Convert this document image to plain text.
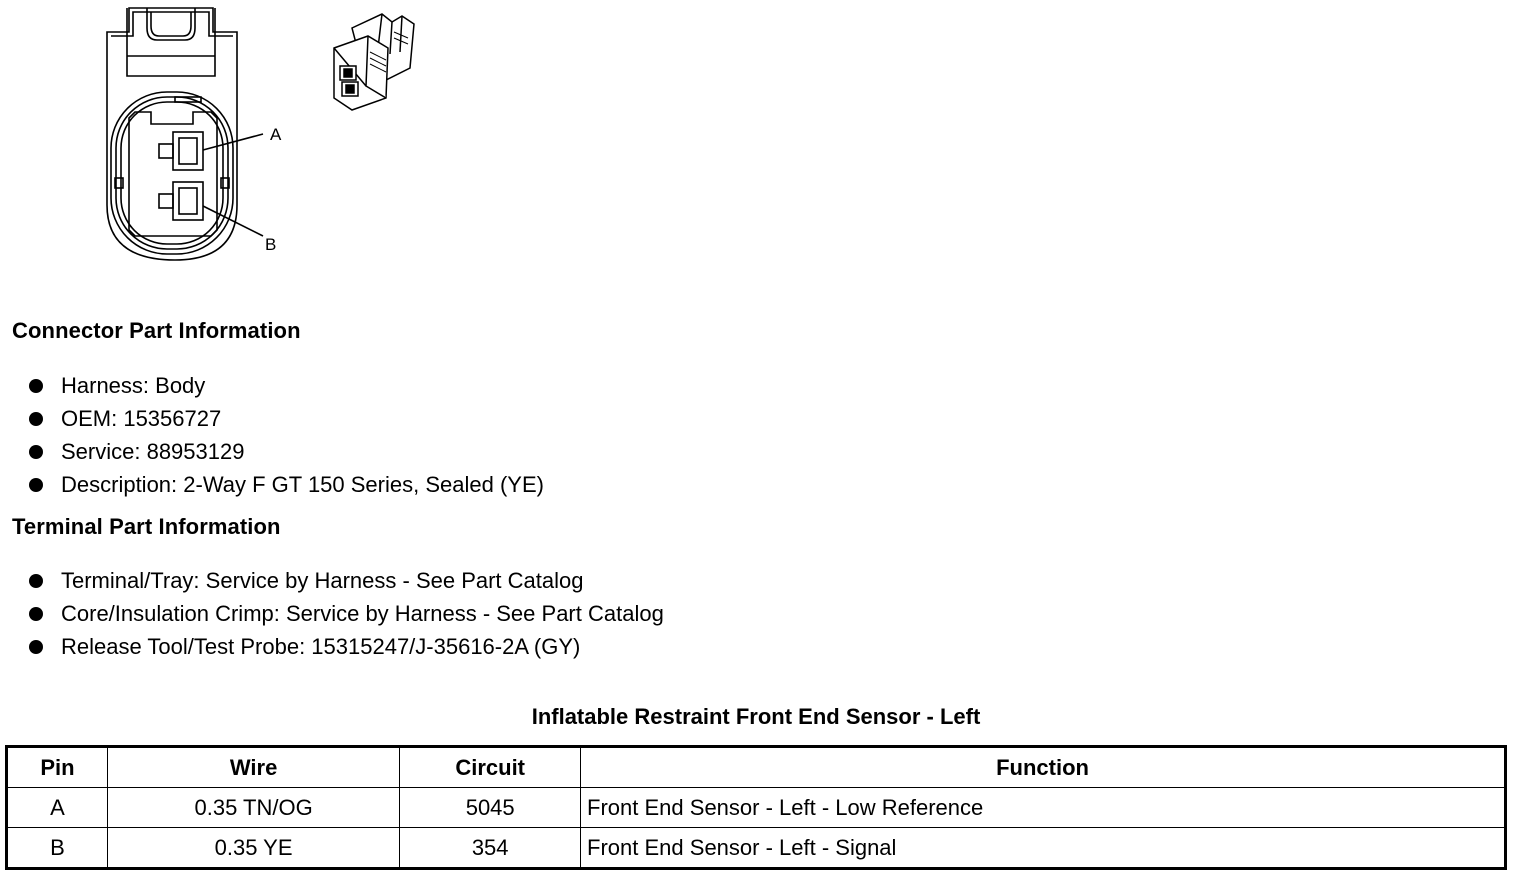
A
B
Connector Part Information
Harness: Body
OEM: 15356727
Service: 88953129
Description: 2-Way F GT 150 Series, Sealed (YE)
Terminal Part Information
Terminal/Tray: Service by Harness - See Part Catalog
Core/Insulation Crimp: Service by Harness - See Part Catalog
Release Tool/Test Probe: 15315247/J-35616-2A (GY)
Inflatable Restraint Front End Sensor - Left
Pin	Wire	Circuit	Function
A	0.35 TN/OG	5045	Front End Sensor - Left - Low Reference
B	0.35 YE	354	Front End Sensor - Left - Signal
